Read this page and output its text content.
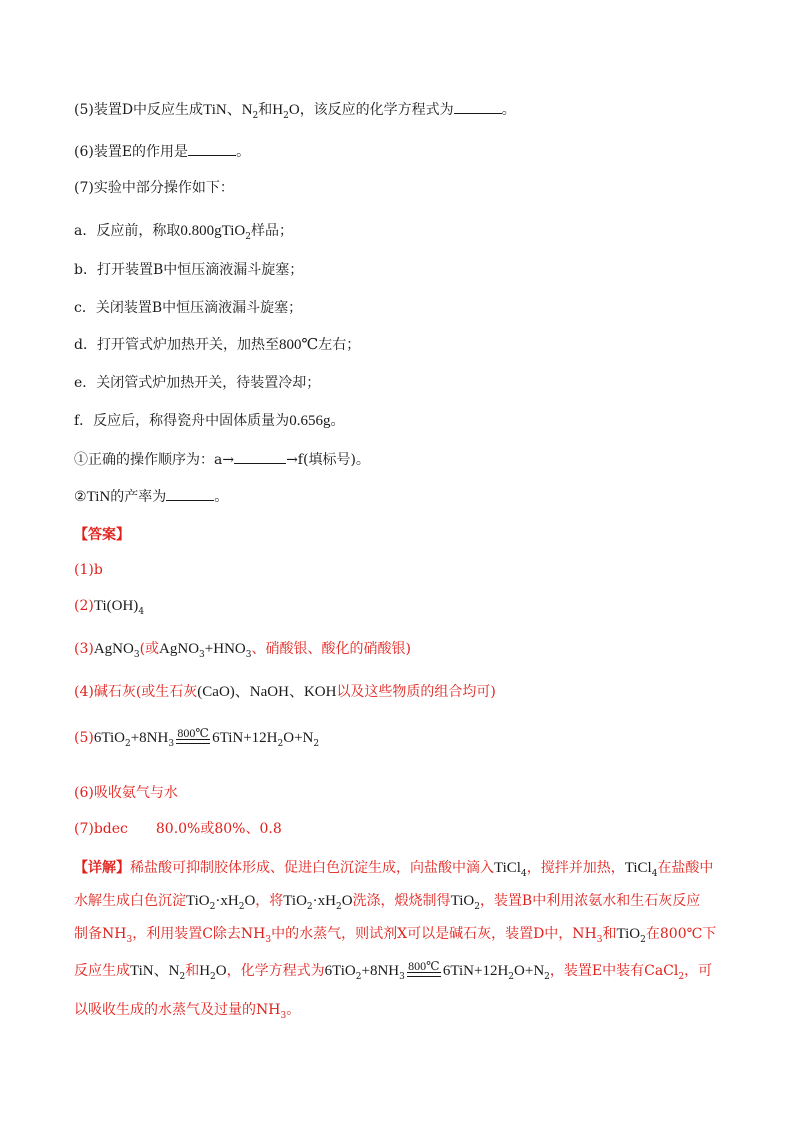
(5)装置D中反应生成TiN、$N_2$和$H_2O$，该反应的化学方程式为	。
(6)装置E的作用是	。
(7)实验中部分操作如下：
a．反应前，称取0.800gTiO$_2$样品；
b．打开装置B中恒压滴液漏斗旋塞；
c．关闭装置B中恒压滴液漏斗旋塞；
d．打开管式炉加热开关，加热至800℃左右；
e．关闭管式炉加热开关，待装置冷却；
f．反应后，称得瓷舟中固体质量为0.656g。
①正确的操作顺序为：a→	→f(填标号)。
②TiN的产率为	。
【答案】
(1)b
$(2)Ti(OH)_4$
(3)AgNO$_3$(或$AgNO_3+HNO_3$、硝酸银、酸化的硝酸银)
(4)碱石灰(或生石灰(CaO)、NaOH、KOH以及这些物质的组合均可)
$(5)6TiO_2+8NH_3$
800℃ $6TiN+12H_2O+N_2$
(6)吸收氨气与水
(7)bdec　　80.0%或80%、0.8
【详解】稀盐酸可抑制胶体形成、促进白色沉淀生成，向盐酸中滴入TiCl$_4$，搅拌并加热，TiCl$_4$在盐酸中
水解生成白色沉淀$TiO_2\cdot xH_2O$，将$TiO_2\cdot xH_2O$洗涤，煅烧制得TiO$_2$，装置B中利用浓氨水和生石灰反应
制备$NH_3$，利用装置C除去$NH_3$中的水蒸气，则试剂X可以是碱石灰，装置D中，$NH_3$和TiO$_2$在800℃下
反应生成TiN、$N_2$和$H_2O$，化学方程式为$6TiO_2+8NH_3$
800℃ $6TiN+12H_2O+N_2$，装置E中装有CaCl$_2$，可
以吸收生成的水蒸气及过量的$NH_3$。
